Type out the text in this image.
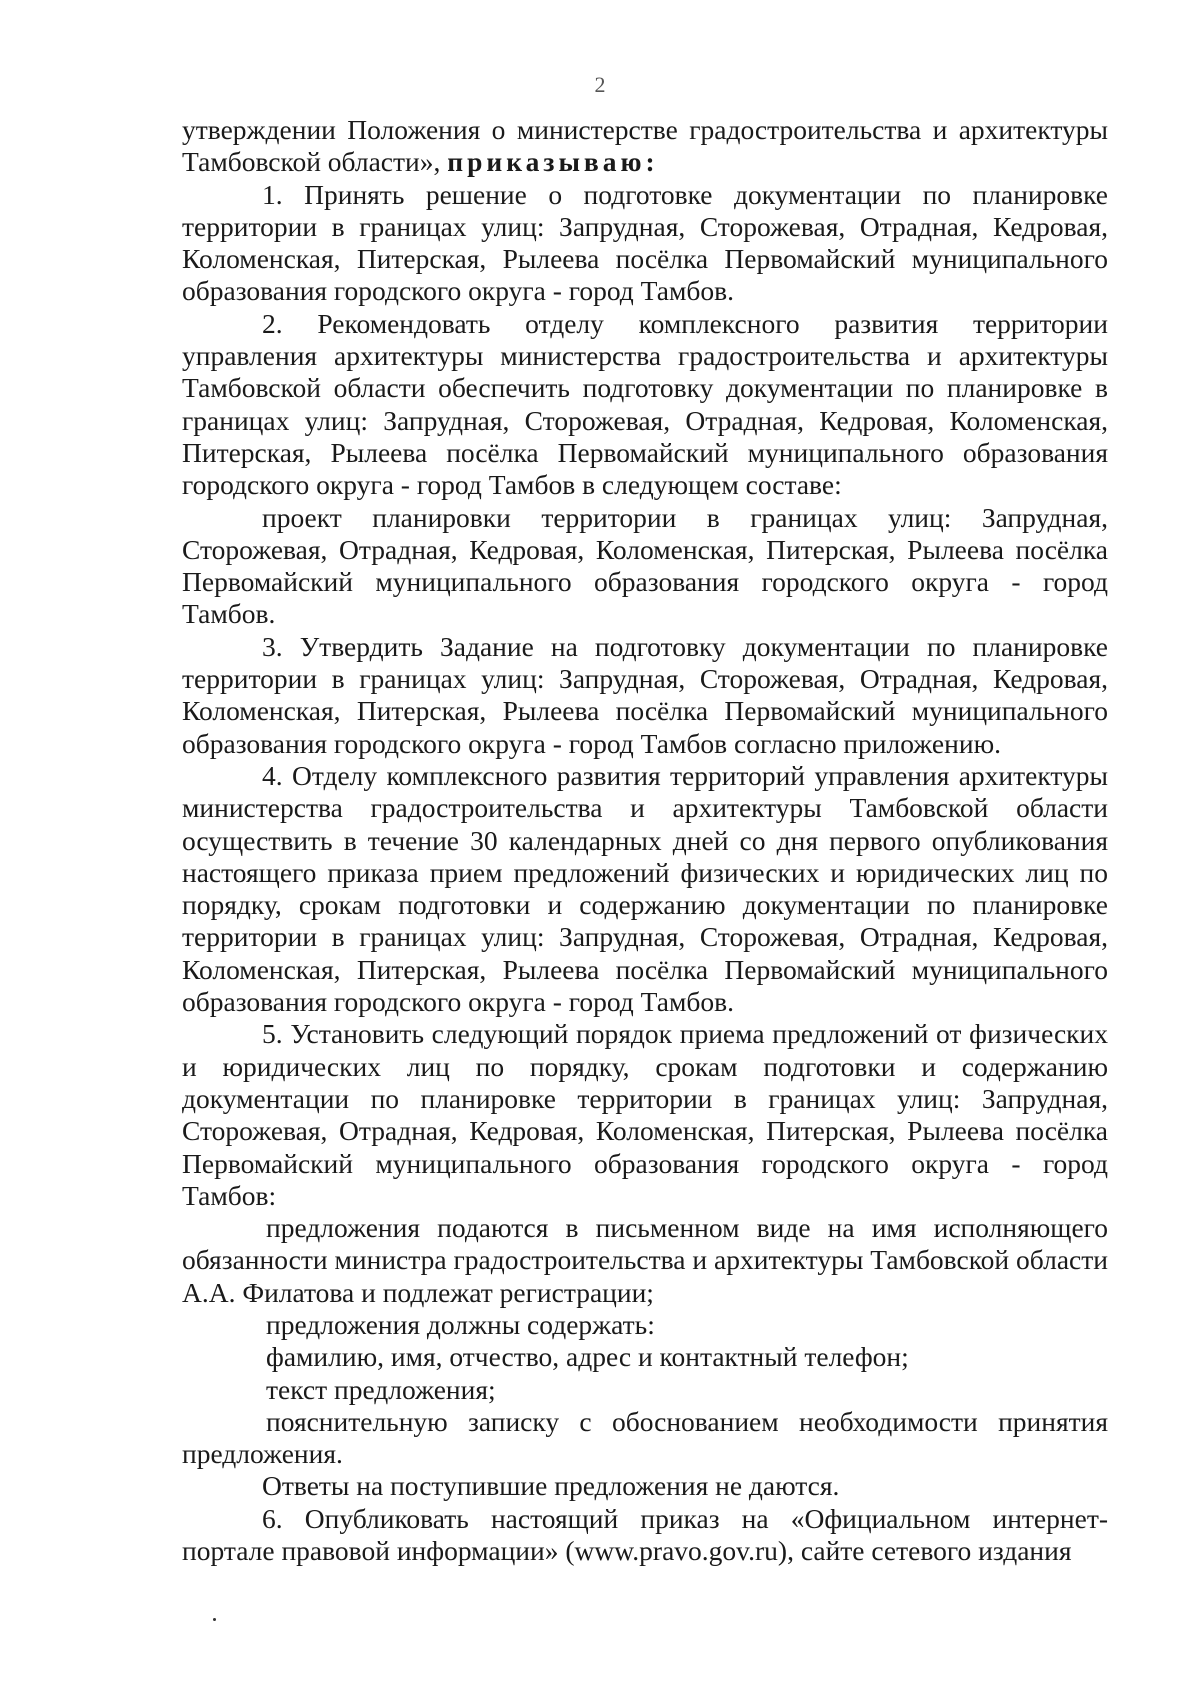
2

утверждении Положения о министерстве градостроительства и архитектуры Тамбовской области», приказываю:

1. Принять решение о подготовке документации по планировке территории в границах улиц: Запрудная, Сторожевая, Отрадная, Кедровая, Коломенская, Питерская, Рылеева посёлка Первомайский муниципального образования городского округа - город Тамбов.

2. Рекомендовать отделу комплексного развития территории управления архитектуры министерства градостроительства и архитектуры Тамбовской области обеспечить подготовку документации по планировке в границах улиц: Запрудная, Сторожевая, Отрадная, Кедровая, Коломенская, Питерская, Рылеева посёлка Первомайский муниципального образования городского округа - город Тамбов в следующем составе:

проект планировки территории в границах улиц: Запрудная, Сторожевая, Отрадная, Кедровая, Коломенская, Питерская, Рылеева посёлка Первомайский муниципального образования городского округа - город Тамбов.

3. Утвердить Задание на подготовку документации по планировке территории в границах улиц: Запрудная, Сторожевая, Отрадная, Кедровая, Коломенская, Питерская, Рылеева посёлка Первомайский муниципального образования городского округа - город Тамбов согласно приложению.

4. Отделу комплексного развития территорий управления архитектуры министерства градостроительства и архитектуры Тамбовской области осуществить в течение 30 календарных дней со дня первого опубликования настоящего приказа прием предложений физических и юридических лиц по порядку, срокам подготовки и содержанию документации по планировке территории в границах улиц: Запрудная, Сторожевая, Отрадная, Кедровая, Коломенская, Питерская, Рылеева посёлка Первомайский муниципального образования городского округа - город Тамбов.

5. Установить следующий порядок приема предложений от физических и юридических лиц по порядку, срокам подготовки и содержанию документации по планировке территории в границах улиц: Запрудная, Сторожевая, Отрадная, Кедровая, Коломенская, Питерская, Рылеева посёлка Первомайский муниципального образования городского округа - город Тамбов:

предложения подаются в письменном виде на имя исполняющего обязанности министра градостроительства и архитектуры Тамбовской области А.А. Филатова и подлежат регистрации;

предложения должны содержать:

фамилию, имя, отчество, адрес и контактный телефон;

текст предложения;

пояснительную записку с обоснованием необходимости принятия предложения.

Ответы на поступившие предложения не даются.

6. Опубликовать настоящий приказ на «Официальном интернет-портале правовой информации» (www.pravo.gov.ru), сайте сетевого издания
